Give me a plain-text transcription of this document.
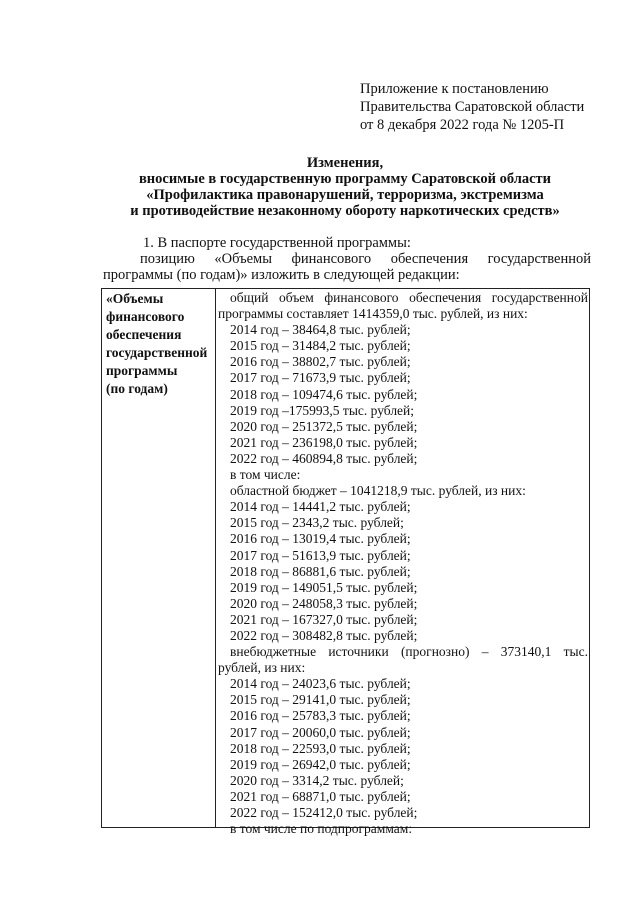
Приложение к постановлению
Правительства Саратовской области
от 8 декабря 2022 года № 1205-П
Изменения,
вносимые в государственную программу Саратовской области
«Профилактика правонарушений, терроризма, экстремизма
и противодействие незаконному обороту наркотических средств»
1. В паспорте государственной программы:
позицию «Объемы финансового обеспечения государственной
программы (по годам)» изложить в следующей редакции:
«Объемы
финансового
обеспечения
государственной
программы
(по годам)
общий объем финансового обеспечения государственной
программы составляет 1414359,0 тыс. рублей, из них:
2014 год – 38464,8 тыс. рублей;
2015 год – 31484,2 тыс. рублей;
2016 год – 38802,7 тыс. рублей;
2017 год – 71673,9 тыс. рублей;
2018 год – 109474,6 тыс. рублей;
2019 год –175993,5 тыс. рублей;
2020 год – 251372,5 тыс. рублей;
2021 год – 236198,0 тыс. рублей;
2022 год – 460894,8 тыс. рублей;
в том числе:
областной бюджет – 1041218,9 тыс. рублей, из них:
2014 год – 14441,2 тыс. рублей;
2015 год – 2343,2 тыс. рублей;
2016 год – 13019,4 тыс. рублей;
2017 год – 51613,9 тыс. рублей;
2018 год – 86881,6 тыс. рублей;
2019 год – 149051,5 тыс. рублей;
2020 год – 248058,3 тыс. рублей;
2021 год – 167327,0 тыс. рублей;
2022 год – 308482,8 тыс. рублей;
внебюджетные источники (прогнозно) – 373140,1 тыс.
рублей, из них:
2014 год – 24023,6 тыс. рублей;
2015 год – 29141,0 тыс. рублей;
2016 год – 25783,3 тыс. рублей;
2017 год – 20060,0 тыс. рублей;
2018 год – 22593,0 тыс. рублей;
2019 год – 26942,0 тыс. рублей;
2020 год – 3314,2 тыс. рублей;
2021 год – 68871,0 тыс. рублей;
2022 год – 152412,0 тыс. рублей;
в том числе по подпрограммам:
